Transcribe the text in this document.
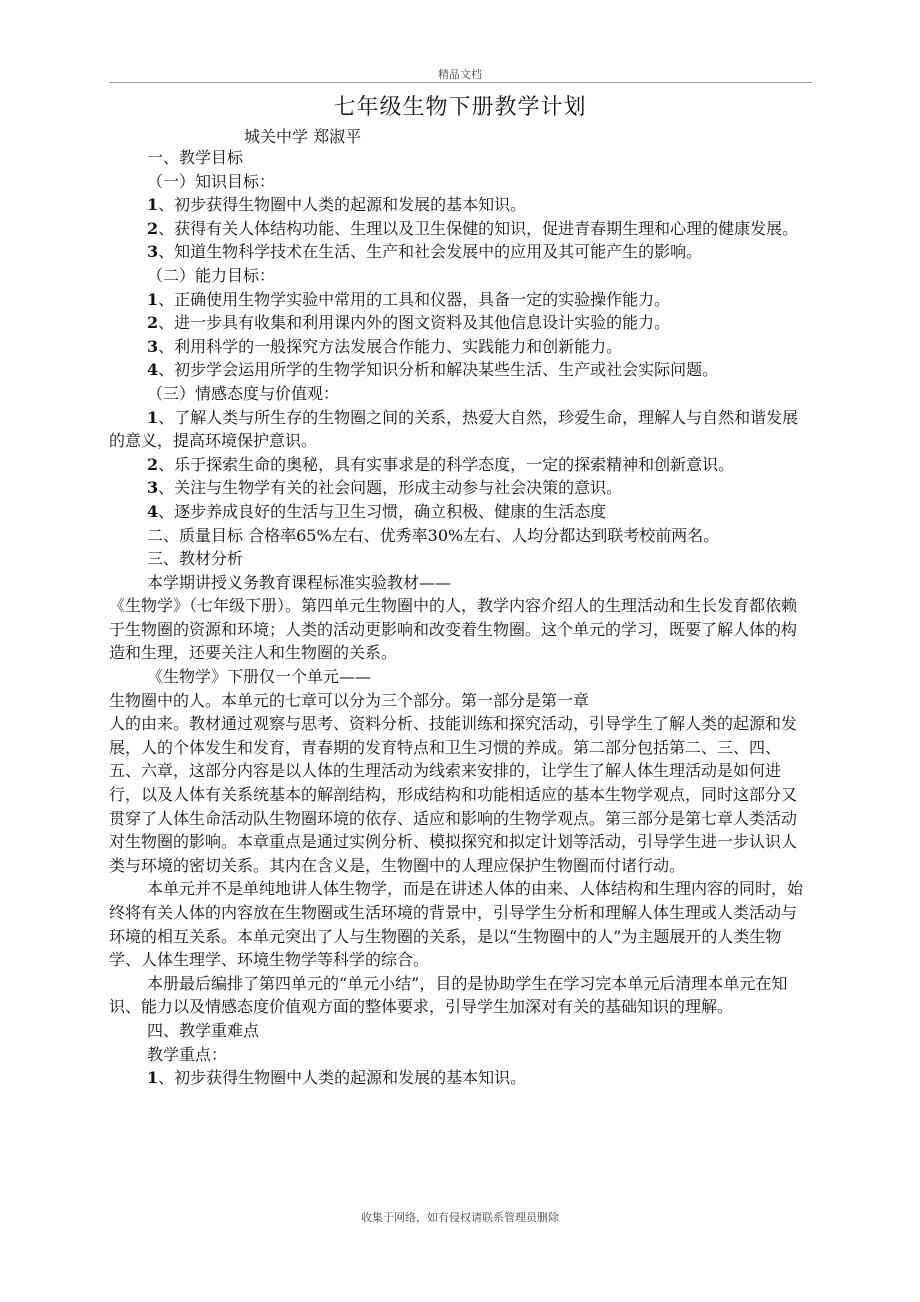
精品文档
七年级生物下册教学计划
城关中学 郑淑平

一、教学目标

（一）知识目标：

1、初步获得生物圈中人类的起源和发展的基本知识。

2、获得有关人体结构功能、生理以及卫生保健的知识，促进青春期生理和心理的健康发展。

3、知道生物科学技术在生活、生产和社会发展中的应用及其可能产生的影响。

（二）能力目标：

1、正确使用生物学实验中常用的工具和仪器，具备一定的实验操作能力。

2、进一步具有收集和利用课内外的图文资料及其他信息设计实验的能力。

3、利用科学的一般探究方法发展合作能力、实践能力和创新能力。

4、初步学会运用所学的生物学知识分析和解决某些生活、生产或社会实际问题。

（三）情感态度与价值观：

1、了解人类与所生存的生物圈之间的关系，热爱大自然，珍爱生命，理解人与自然和谐发展的意义，提高环境保护意识。

2、乐于探索生命的奥秘，具有实事求是的科学态度，一定的探索精神和创新意识。

3、关注与生物学有关的社会问题，形成主动参与社会决策的意识。

4、逐步养成良好的生活与卫生习惯，确立积极、健康的生活态度

二、质量目标 合格率65%左右、优秀率30%左右、人均分都达到联考校前两名。

三、教材分析

本学期讲授义务教育课程标准实验教材——

《生物学》（七年级下册）。第四单元生物圈中的人，教学内容介绍人的生理活动和生长发育都依赖于生物圈的资源和环境；人类的活动更影响和改变着生物圈。这个单元的学习，既要了解人体的构造和生理，还要关注人和生物圈的关系。

《生物学》下册仅一个单元——

生物圈中的人。本单元的七章可以分为三个部分。第一部分是第一章

人的由来。教材通过观察与思考、资料分析、技能训练和探究活动，引导学生了解人类的起源和发展，人的个体发生和发育，青春期的发育特点和卫生习惯的养成。第二部分包括第二、三、四、五、六章，这部分内容是以人体的生理活动为线索来安排的，让学生了解人体生理活动是如何进行，以及人体有关系统基本的解剖结构，形成结构和功能相适应的基本生物学观点，同时这部分又贯穿了人体生命活动队生物圈环境的依存、适应和影响的生物学观点。第三部分是第七章人类活动对生物圈的影响。本章重点是通过实例分析、模拟探究和拟定计划等活动，引导学生进一步认识人类与环境的密切关系。其内在含义是，生物圈中的人理应保护生物圈而付诸行动。

本单元并不是单纯地讲人体生物学，而是在讲述人体的由来、人体结构和生理内容的同时，始终将有关人体的内容放在生物圈或生活环境的背景中，引导学生分析和理解人体生理或人类活动与环境的相互关系。本单元突出了人与生物圈的关系，是以“生物圈中的人”为主题展开的人类生物学、人体生理学、环境生物学等科学的综合。

本册最后编排了第四单元的“单元小结”，目的是协助学生在学习完本单元后清理本单元在知识、能力以及情感态度价值观方面的整体要求，引导学生加深对有关的基础知识的理解。

四、教学重难点

教学重点：

1、初步获得生物圈中人类的起源和发展的基本知识。

收集于网络，如有侵权请联系管理员删除
